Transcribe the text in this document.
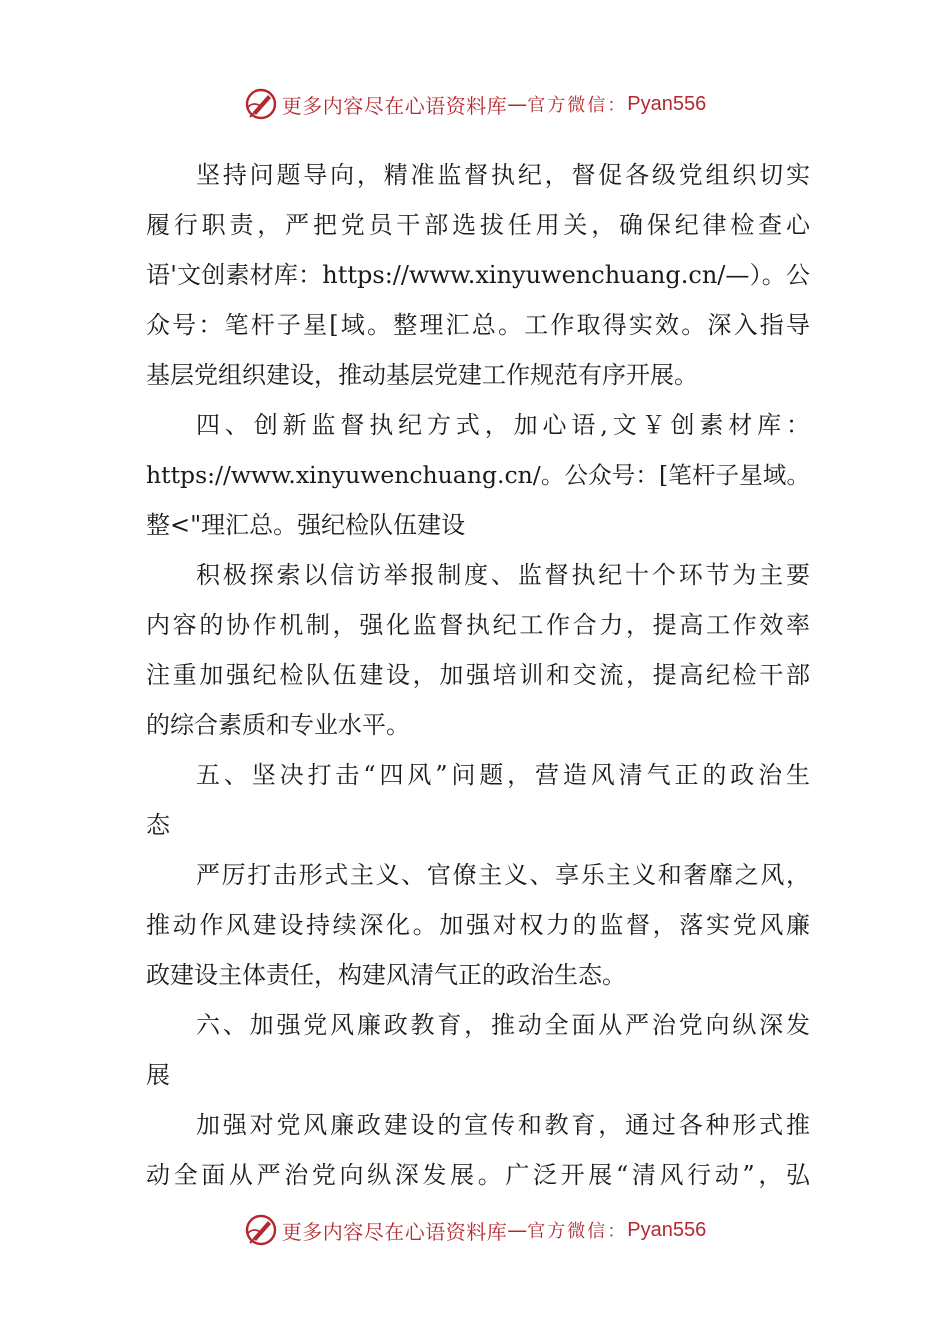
更多内容尽在心语资料库 — 官方微信： Pyan556
坚持问题导向，精准监督执纪，督促各级党组织切实
履行职责，严把党员干部选拔任用关，确保纪律检查心
语'文创素材库：https://www.xinyuwenchuang.cn/—）。公
众号：笔杆子星[域。整理汇总。工作取得实效。深入指导
基层党组织建设，推动基层党建工作规范有序开展。
四、创新监督执纪方式，加心语,文￥创素材库：
https://www.xinyuwenchuang.cn/。公众号：[笔杆子星域。
整<"理汇总。强纪检队伍建设
积极探索以信访举报制度、监督执纪十个环节为主要
内容的协作机制，强化监督执纪工作合力，提高工作效率
注重加强纪检队伍建设，加强培训和交流，提高纪检干部
的综合素质和专业水平。
五、坚决打击“四风”问题，营造风清气正的政治生
态
严厉打击形式主义、官僚主义、享乐主义和奢靡之风，
推动作风建设持续深化。加强对权力的监督，落实党风廉
政建设主体责任，构建风清气正的政治生态。
六、加强党风廉政教育，推动全面从严治党向纵深发
展
加强对党风廉政建设的宣传和教育，通过各种形式推
动全面从严治党向纵深发展。广泛开展“清风行动”，弘
更多内容尽在心语资料库 — 官方微信： Pyan556
